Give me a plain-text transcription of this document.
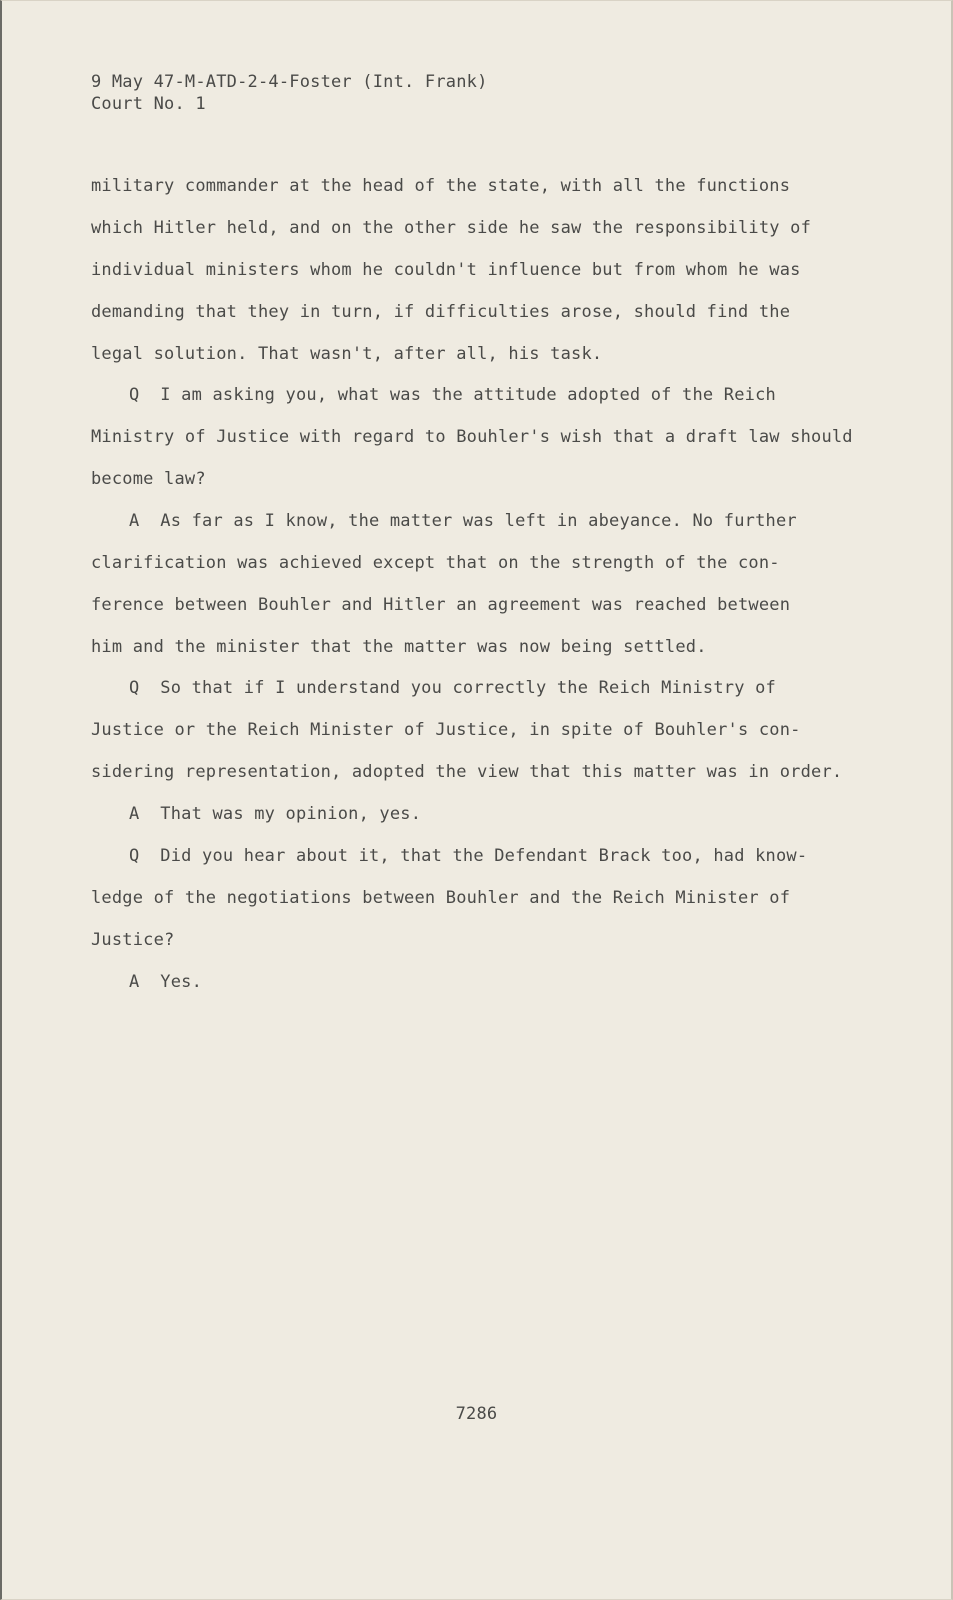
9 May 47-M-ATD-2-4-Foster (Int. Frank)
Court No. 1
military commander at the head of the state, with all the functions
which Hitler held, and on the other side he saw the responsibility of
individual ministers whom he couldn't influence but from whom he was
demanding that they in turn, if difficulties arose, should find the
legal solution. That wasn't, after all, his task.
Q  I am asking you, what was the attitude adopted of the Reich
Ministry of Justice with regard to Bouhler's wish that a draft law should
become law?
A  As far as I know, the matter was left in abeyance. No further
clarification was achieved except that on the strength of the con-
ference between Bouhler and Hitler an agreement was reached between
him and the minister that the matter was now being settled.
Q  So that if I understand you correctly the Reich Ministry of
Justice or the Reich Minister of Justice, in spite of Bouhler's con-
sidering representation, adopted the view that this matter was in order.
A  That was my opinion, yes.
Q  Did you hear about it, that the Defendant Brack too, had know-
ledge of the negotiations between Bouhler and the Reich Minister of
Justice?
A  Yes.
7286
